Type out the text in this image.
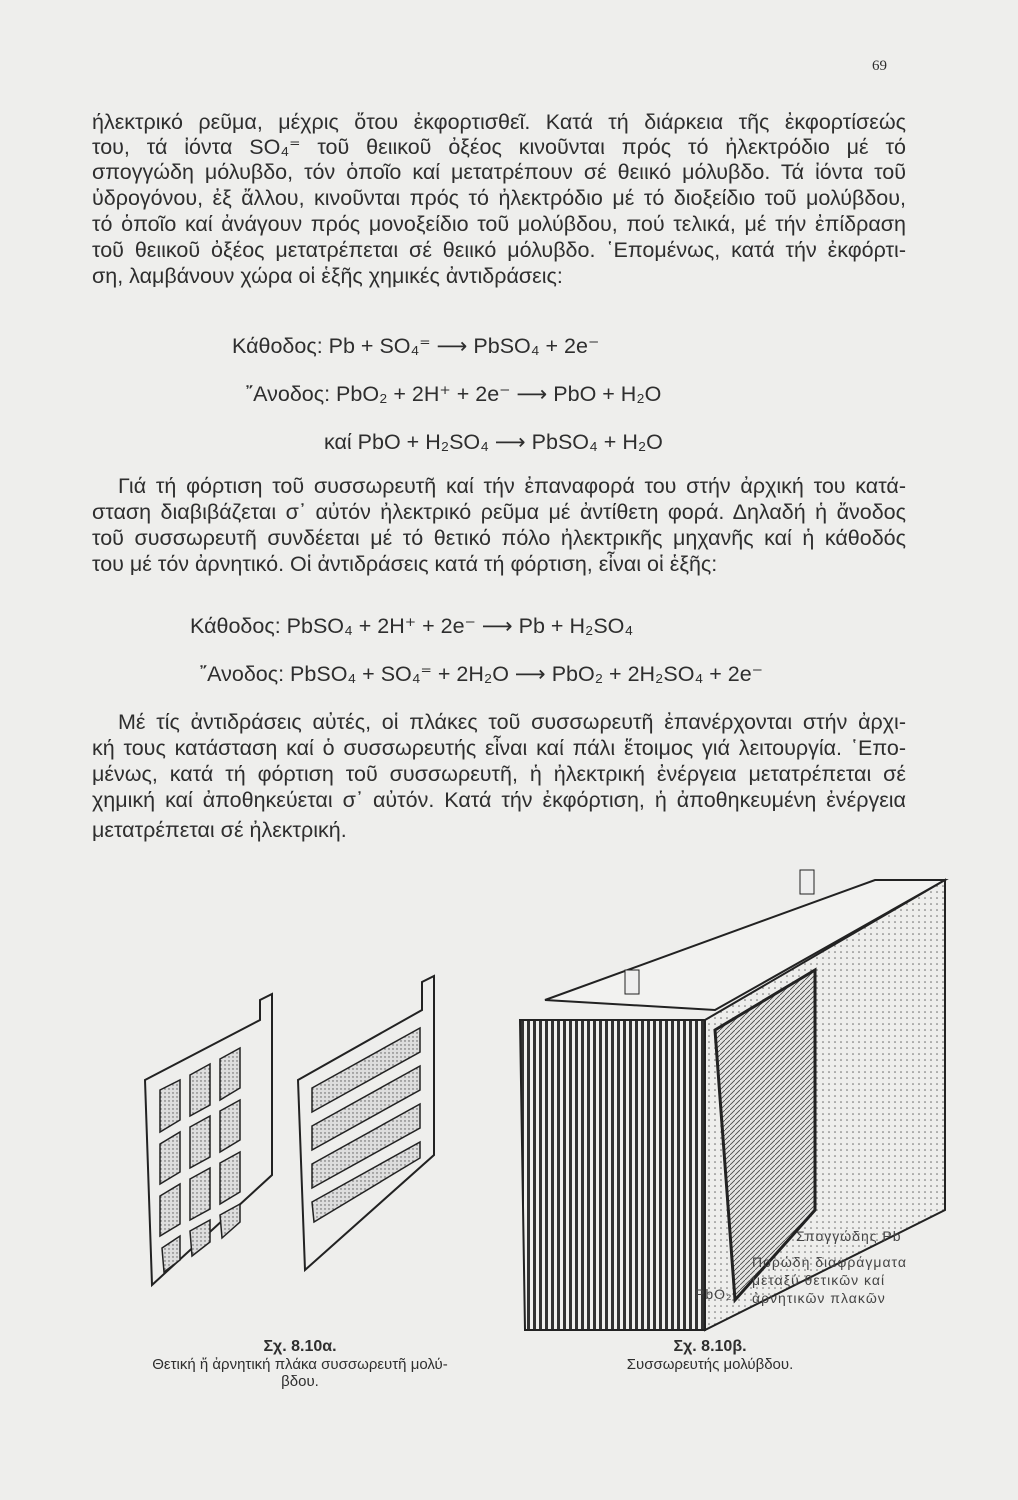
69
ήλεκτρικό ρεῦμα, μέχρις ὅτου ἐκφορτισθεῖ. Κατά τή διάρκεια τῆς ἐκφορτίσεώς
του, τά ἰόντα SO₄⁼ τοῦ θειικοῦ ὀξέος κινοῦνται πρός τό ἠλεκτρόδιο μέ τό
σπογγώδη μόλυβδο, τόν ὁποῖο καί μετατρέπουν σέ θειικό μόλυβδο. Τά ἰόντα τοῦ
ὑδρογόνου, ἐξ ἄλλου, κινοῦνται πρός τό ἠλεκτρόδιο μέ τό διοξείδιο τοῦ μολύβδου,
τό ὁποῖο καί ἀνάγουν πρός μονοξείδιο τοῦ μολύβδου, πού τελικά, μέ τήν ἐπίδραση
τοῦ θειικοῦ ὀξέος μετατρέπεται σέ θειικό μόλυβδο. ῾Επομένως, κατά τήν ἐκφόρτι-
ση, λαμβάνουν χώρα οἱ ἑξῆς χημικές ἀντιδράσεις:
Κάθοδος: Pb + SO₄⁼ ⟶ PbSO₄ + 2e⁻
῎Ανοδος: PbO₂ + 2H⁺ + 2e⁻ ⟶ PbO + H₂O
καί PbO + H₂SO₄ ⟶ PbSO₄ + H₂O
Γιά τή φόρτιση τοῦ συσσωρευτῆ καί τήν ἐπαναφορά του στήν ἀρχική του κατά-
σταση διαβιβάζεται σ᾽ αὐτόν ἠλεκτρικό ρεῦμα μέ ἀντίθετη φορά. Δηλαδή ἡ ἄνοδος
τοῦ συσσωρευτῆ συνδέεται μέ τό θετικό πόλο ἠλεκτρικῆς μηχανῆς καί ἡ κάθοδός
του μέ τόν ἀρνητικό. Οἱ ἀντιδράσεις κατά τή φόρτιση, εἶναι οἱ ἑξῆς:
Κάθοδος: PbSO₄ + 2H⁺ + 2e⁻ ⟶ Pb + H₂SO₄
῎Ανοδος: PbSO₄ + SO₄⁼ + 2H₂O ⟶ PbO₂ + 2H₂SO₄ + 2e⁻
Μέ τίς ἀντιδράσεις αὐτές, οἱ πλάκες τοῦ συσσωρευτῆ ἐπανέρχονται στήν ἀρχι-
κή τους κατάσταση καί ὁ συσσωρευτής εἶναι καί πάλι ἕτοιμος γιά λειτουργία. ῾Επο-
μένως, κατά τή φόρτιση τοῦ συσσωρευτῆ, ἡ ἠλεκτρική ἐνέργεια μετατρέπεται σέ
χημική καί ἀποθηκεύεται σ᾽ αὐτόν. Κατά τήν ἐκφόρτιση, ἡ ἀποθηκευμένη ἐνέργεια
μετατρέπεται σέ ἠλεκτρική.
Σπογγώδης Pb
Πορώδη διαφράγματα
μεταξύ θετικῶν καί
ἀρνητικῶν πλακῶν
PbO₂
Σχ. 8.10α.
Θετική ἤ ἀρνητική πλάκα συσσωρευτῆ μολύ-
βδου.
Σχ. 8.10β.
Συσσωρευτής μολύβδου.
